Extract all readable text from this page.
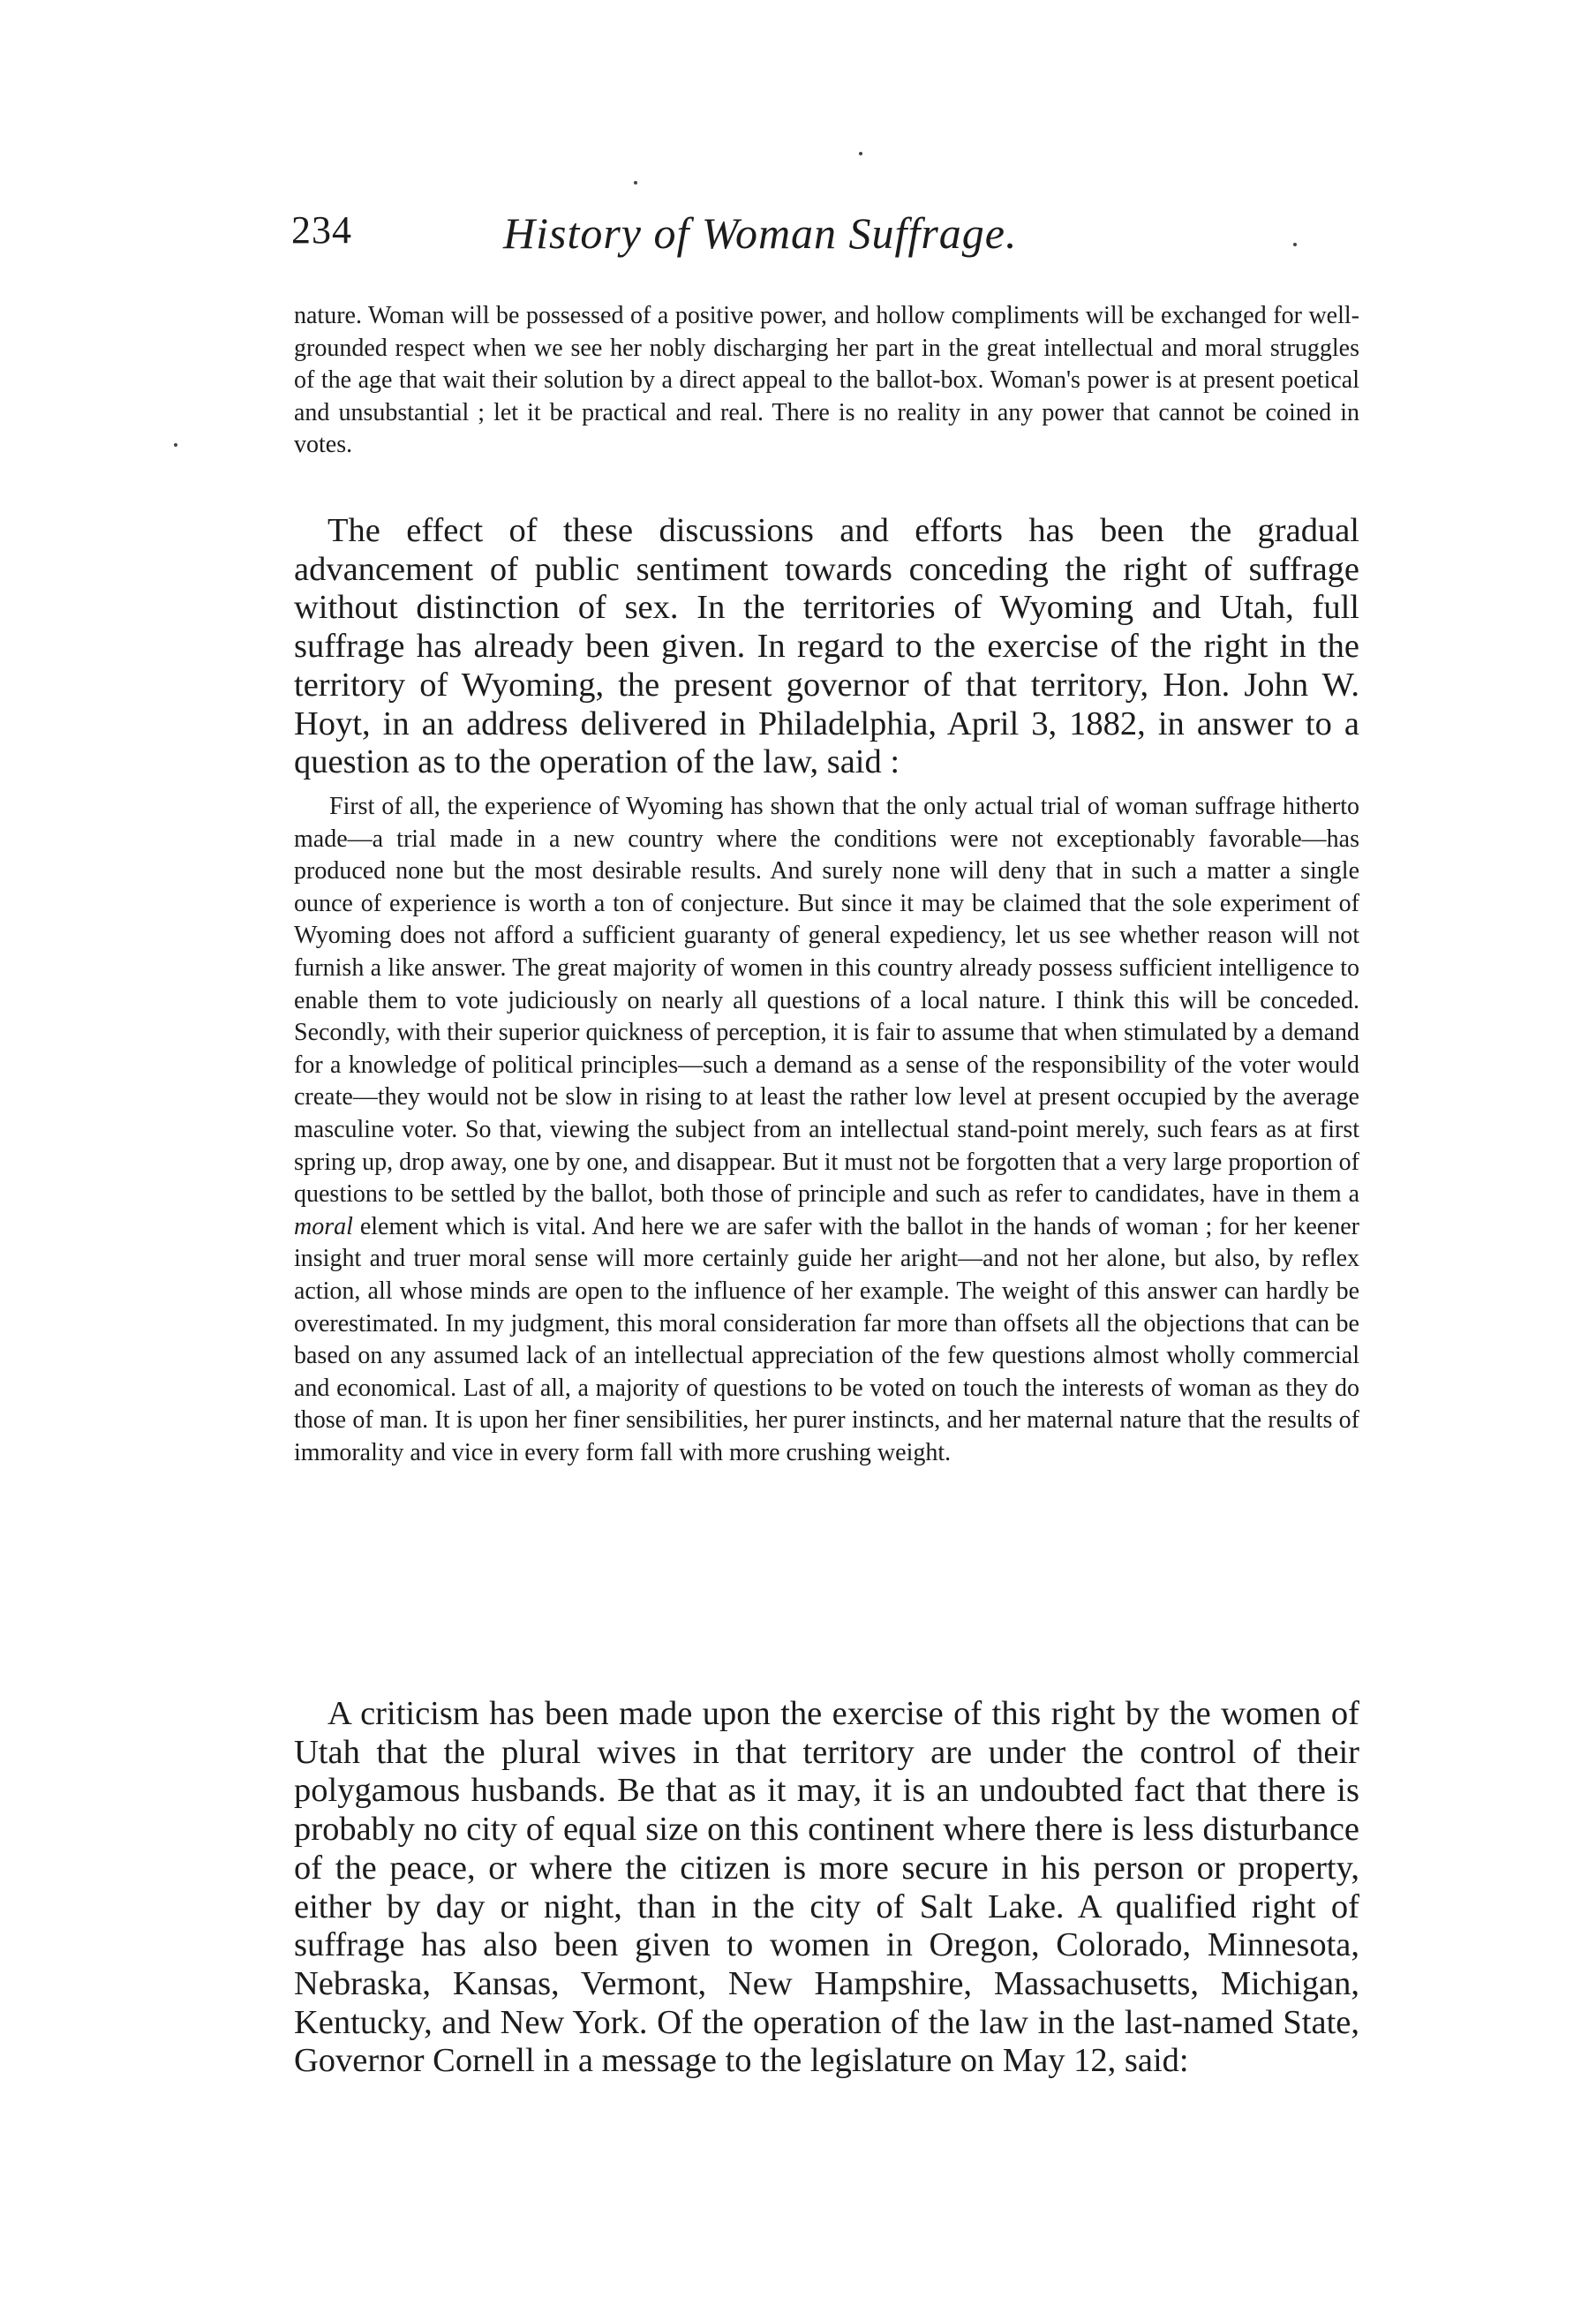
234	History of Woman Suffrage.

nature. Woman will be possessed of a positive power, and hollow compliments will be exchanged for well-grounded respect when we see her nobly discharging her part in the great intellectual and moral struggles of the age that wait their solution by a direct appeal to the ballot-box. Woman's power is at present poetical and unsubstantial ; let it be practical and real. There is no reality in any power that cannot be coined in votes.

The effect of these discussions and efforts has been the gradual advancement of public sentiment towards conceding the right of suffrage without distinction of sex. In the territories of Wyoming and Utah, full suffrage has already been given. In regard to the exercise of the right in the territory of Wyoming, the present governor of that territory, Hon. John W. Hoyt, in an address delivered in Philadelphia, April 3, 1882, in answer to a question as to the operation of the law, said :

First of all, the experience of Wyoming has shown that the only actual trial of woman suffrage hitherto made—a trial made in a new country where the conditions were not exceptionably favorable—has produced none but the most desirable results. And surely none will deny that in such a matter a single ounce of experience is worth a ton of conjecture. But since it may be claimed that the sole experiment of Wyoming does not afford a sufficient guaranty of general expediency, let us see whether reason will not furnish a like answer. The great majority of women in this country already possess sufficient intelligence to enable them to vote judiciously on nearly all questions of a local nature. I think this will be conceded. Secondly, with their superior quickness of perception, it is fair to assume that when stimulated by a demand for a knowledge of political principles—such a demand as a sense of the responsibility of the voter would create—they would not be slow in rising to at least the rather low level at present occupied by the average masculine voter. So that, viewing the subject from an intellectual stand-point merely, such fears as at first spring up, drop away, one by one, and disappear. But it must not be forgotten that a very large proportion of questions to be settled by the ballot, both those of principle and such as refer to candidates, have in them a moral element which is vital. And here we are safer with the ballot in the hands of woman ; for her keener insight and truer moral sense will more certainly guide her aright—and not her alone, but also, by reflex action, all whose minds are open to the influence of her example. The weight of this answer can hardly be overestimated. In my judgment, this moral consideration far more than offsets all the objections that can be based on any assumed lack of an intellectual appreciation of the few questions almost wholly commercial and economical. Last of all, a majority of questions to be voted on touch the interests of woman as they do those of man. It is upon her finer sensibilities, her purer instincts, and her maternal nature that the results of immorality and vice in every form fall with more crushing weight.

A criticism has been made upon the exercise of this right by the women of Utah that the plural wives in that territory are under the control of their polygamous husbands. Be that as it may, it is an undoubted fact that there is probably no city of equal size on this continent where there is less disturbance of the peace, or where the citizen is more secure in his person or property, either by day or night, than in the city of Salt Lake. A qualified right of suffrage has also been given to women in Oregon, Colorado, Minnesota, Nebraska, Kansas, Vermont, New Hampshire, Massachusetts, Michigan, Kentucky, and New York. Of the operation of the law in the last-named State, Governor Cornell in a message to the legislature on May 12, said:
